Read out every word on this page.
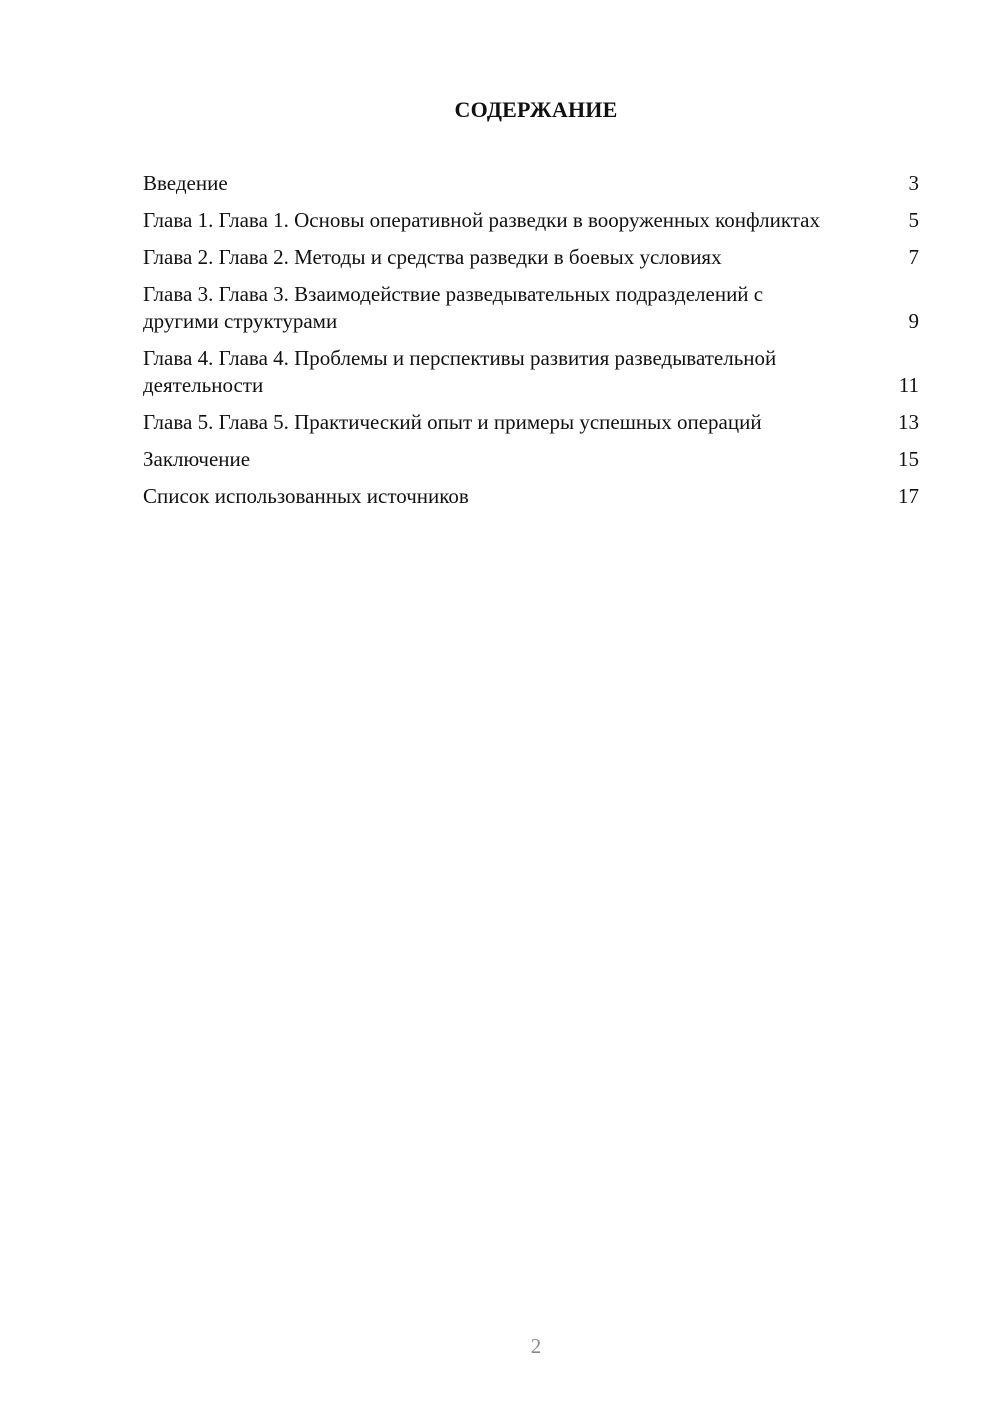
СОДЕРЖАНИЕ
Введение	3
Глава 1. Глава 1. Основы оперативной разведки в вооруженных конфликтах	5
Глава 2. Глава 2. Методы и средства разведки в боевых условиях	7
Глава 3. Глава 3. Взаимодействие разведывательных подразделений с другими структурами	9
Глава 4. Глава 4. Проблемы и перспективы развития разведывательной деятельности	11
Глава 5. Глава 5. Практический опыт и примеры успешных операций	13
Заключение	15
Список использованных источников	17
2
